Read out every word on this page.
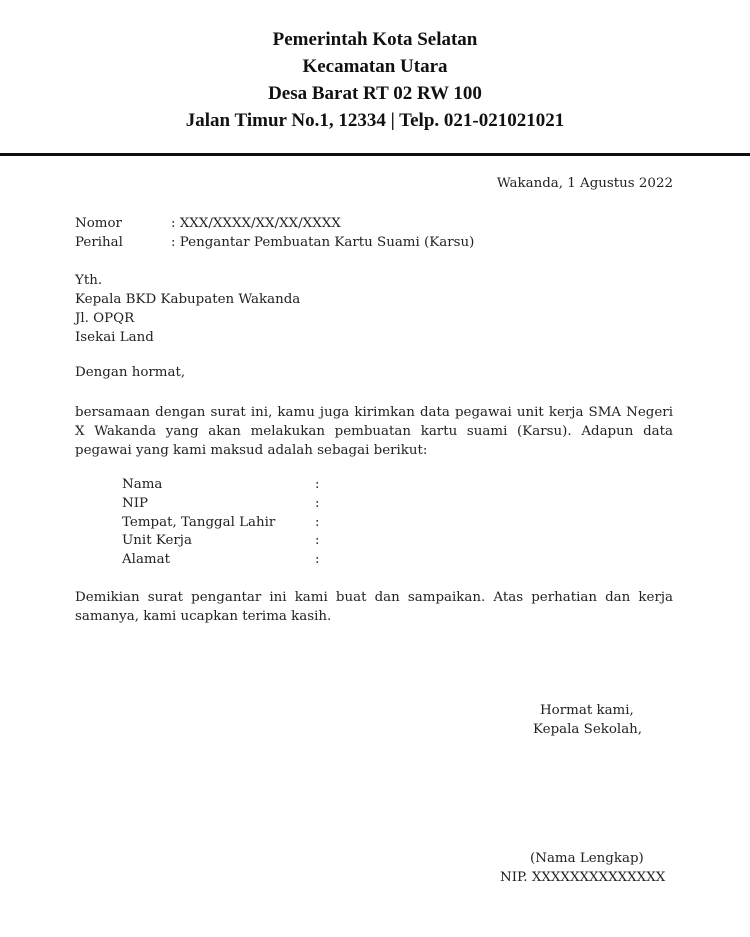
Pemerintah Kota Selatan
Kecamatan Utara
Desa Barat RT 02 RW 100
Jalan Timur No.1, 12334 | Telp. 021-021021021
Wakanda, 1 Agustus 2022
Nomor	: XXX/XXXX/XX/XX/XXXX
Perihal	: Pengantar Pembuatan Kartu Suami (Karsu)
Yth.
Kepala BKD Kabupaten Wakanda
Jl. OPQR
Isekai Land
Dengan hormat,
bersamaan dengan surat ini, kamu juga kirimkan data pegawai unit kerja SMA Negeri X Wakanda yang akan melakukan pembuatan kartu suami (Karsu). Adapun data pegawai yang kami maksud adalah sebagai berikut:
Nama	:
NIP	:
Tempat, Tanggal Lahir	:
Unit Kerja	:
Alamat	:
Demikian surat pengantar ini kami buat dan sampaikan. Atas perhatian dan kerja samanya, kami ucapkan terima kasih.
Hormat kami,
Kepala Sekolah,
(Nama Lengkap)
NIP. XXXXXXXXXXXXXX
